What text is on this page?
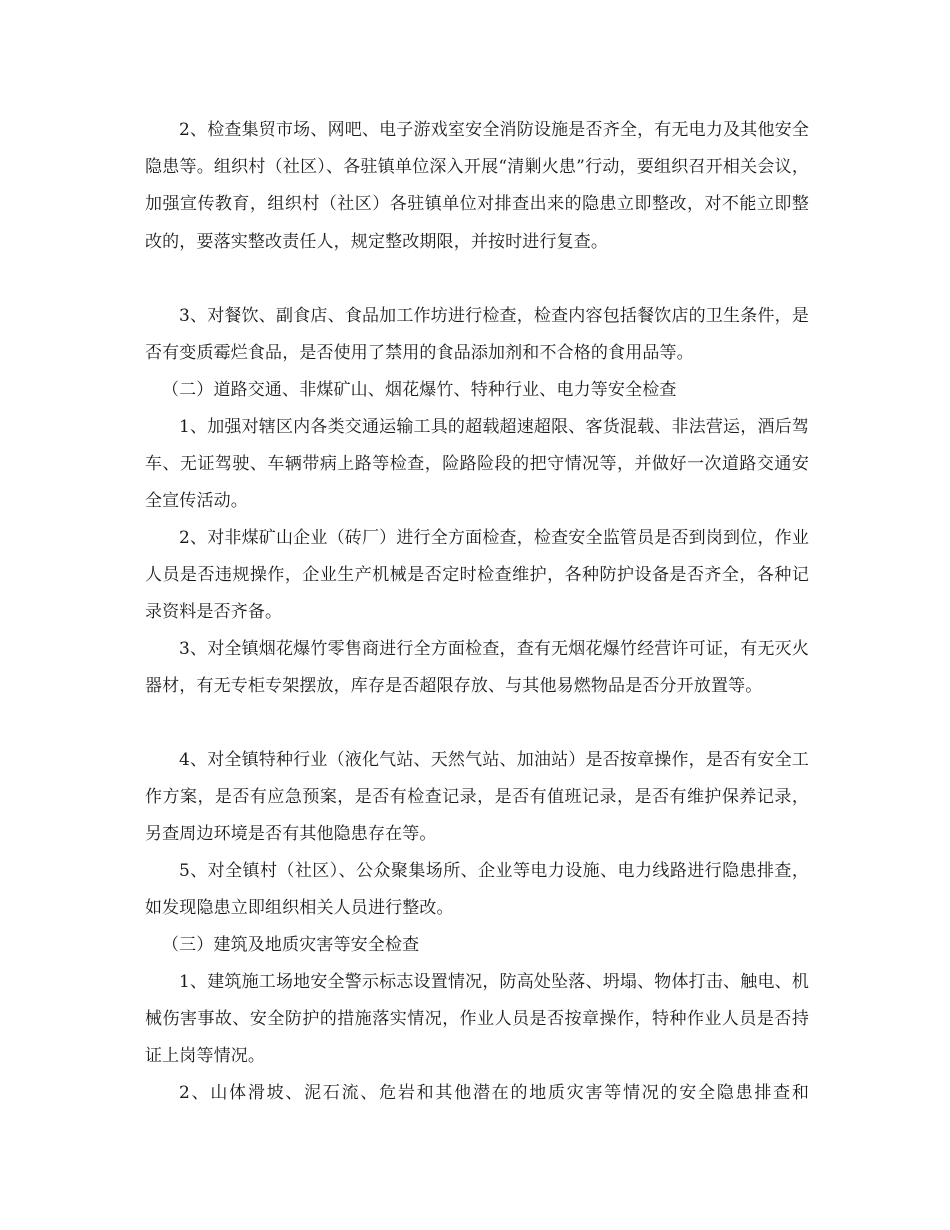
2、检查集贸市场、网吧、电子游戏室安全消防设施是否齐全，有无电力及其他安全隐患等。组织村（社区）、各驻镇单位深入开展“清剿火患”行动，要组织召开相关会议，加强宣传教育，组织村（社区）各驻镇单位对排查出来的隐患立即整改，对不能立即整改的，要落实整改责任人，规定整改期限，并按时进行复查。

3、对餐饮、副食店、食品加工作坊进行检查，检查内容包括餐饮店的卫生条件，是否有变质霉烂食品，是否使用了禁用的食品添加剂和不合格的食用品等。

（二）道路交通、非煤矿山、烟花爆竹、特种行业、电力等安全检查

1、加强对辖区内各类交通运输工具的超载超速超限、客货混载、非法营运，酒后驾车、无证驾驶、车辆带病上路等检查，险路险段的把守情况等，并做好一次道路交通安全宣传活动。

2、对非煤矿山企业（砖厂）进行全方面检查，检查安全监管员是否到岗到位，作业人员是否违规操作，企业生产机械是否定时检查维护，各种防护设备是否齐全，各种记录资料是否齐备。

3、对全镇烟花爆竹零售商进行全方面检查，查有无烟花爆竹经营许可证，有无灭火器材，有无专柜专架摆放，库存是否超限存放、与其他易燃物品是否分开放置等。

4、对全镇特种行业（液化气站、天然气站、加油站）是否按章操作，是否有安全工作方案，是否有应急预案，是否有检查记录，是否有值班记录，是否有维护保养记录，另查周边环境是否有其他隐患存在等。

5、对全镇村（社区）、公众聚集场所、企业等电力设施、电力线路进行隐患排查，如发现隐患立即组织相关人员进行整改。

（三）建筑及地质灾害等安全检查

1、建筑施工场地安全警示标志设置情况，防高处坠落、坍塌、物体打击、触电、机械伤害事故、安全防护的措施落实情况，作业人员是否按章操作，特种作业人员是否持证上岗等情况。

2、山体滑坡、泥石流、危岩和其他潜在的地质灾害等情况的安全隐患排查和
